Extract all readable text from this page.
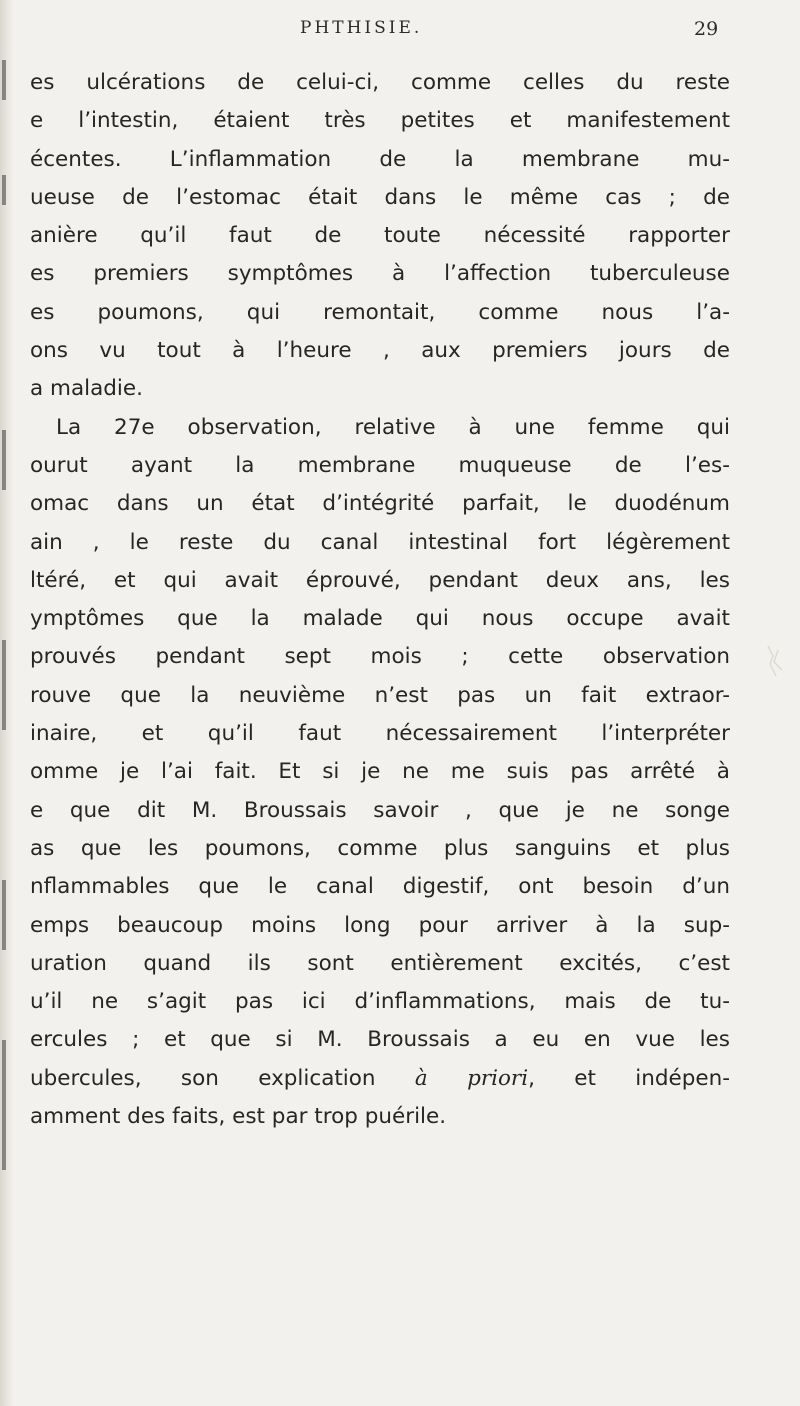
PHTHISIE.	29
es ulcérations de celui-ci, comme celles du reste
e l’intestin, étaient très petites et manifestement
écentes. L’inflammation de la membrane mu-
ueuse de l’estomac était dans le même cas ; de
anière qu’il faut de toute nécessité rapporter
es premiers symptômes à l’affection tuberculeuse
es poumons, qui remontait, comme nous l’a-
ons vu tout à l’heure , aux premiers jours de
a maladie.
La 27e observation, relative à une femme qui
ourut ayant la membrane muqueuse de l’es-
omac dans un état d’intégrité parfait, le duodénum
ain , le reste du canal intestinal fort légèrement
ltéré, et qui avait éprouvé, pendant deux ans, les
ymptômes que la malade qui nous occupe avait
prouvés pendant sept mois ; cette observation
rouve que la neuvième n’est pas un fait extraor-
inaire, et qu’il faut nécessairement l’interpréter
omme je l’ai fait. Et si je ne me suis pas arrêté à
e que dit M. Broussais savoir , que je ne songe
as que les poumons, comme plus sanguins et plus
nflammables que le canal digestif, ont besoin d’un
emps beaucoup moins long pour arriver à la sup-
uration quand ils sont entièrement excités, c’est
u’il ne s’agit pas ici d’inflammations, mais de tu-
ercules ; et que si M. Broussais a eu en vue les
ubercules, son explication à priori, et indépen-
amment des faits, est par trop puérile.
